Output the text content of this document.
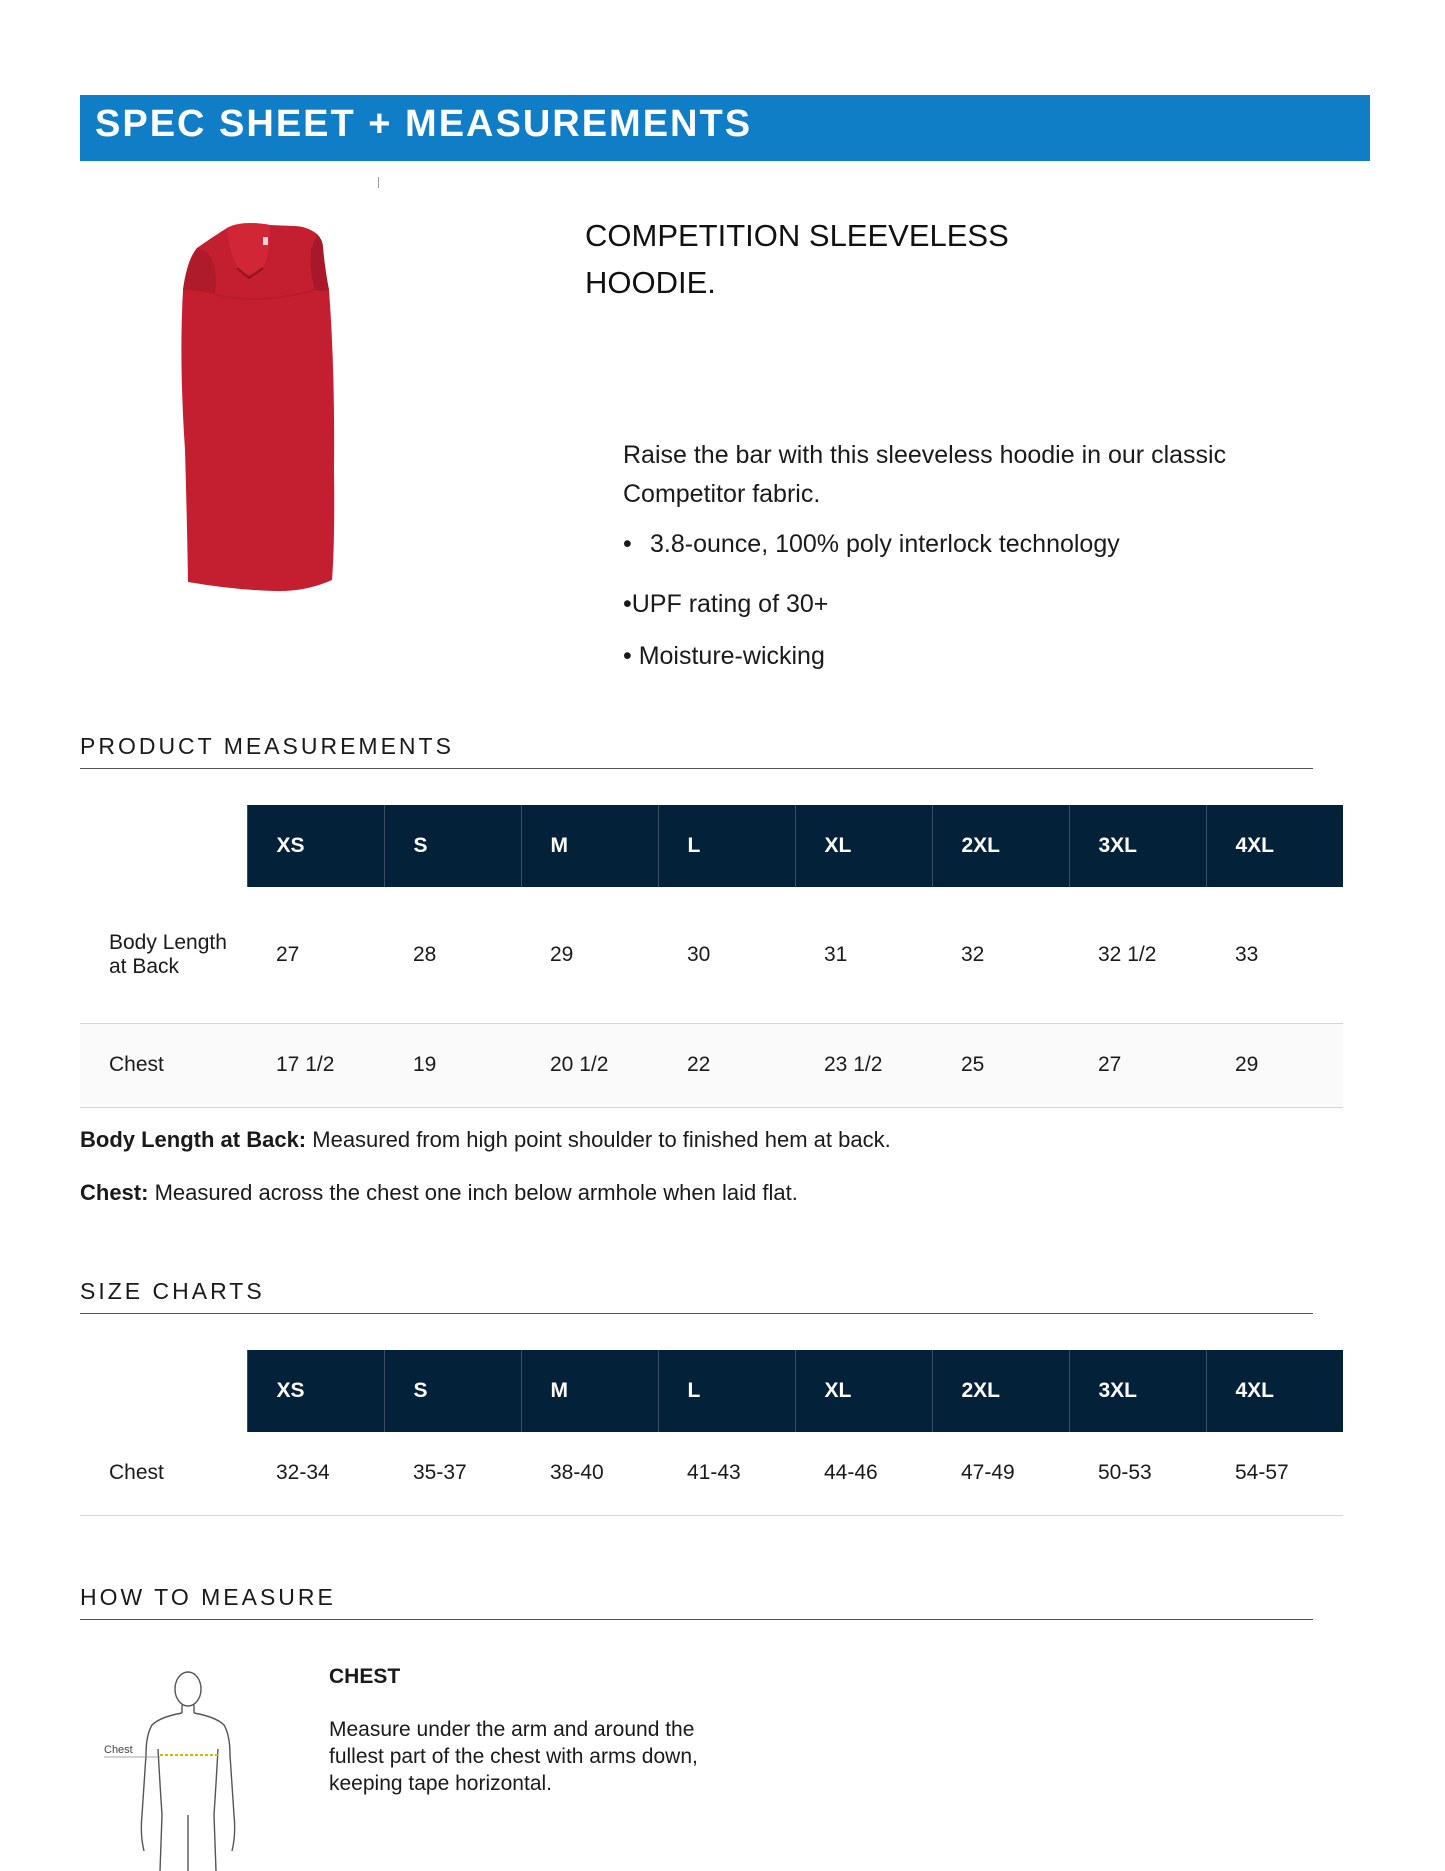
SPEC SHEET + MEASUREMENTS
COMPETITION SLEEVELESS
HOODIE.
Raise the bar with this sleeveless hoodie in our classic Competitor fabric.
• 3.8-ounce, 100% poly interlock technology
•UPF rating of 30+
• Moisture-wicking
PRODUCT MEASUREMENTS
	XS	S	M	L	XL	2XL	3XL	4XL
Body Length at Back	27	28	29	30	31	32	32 1/2	33
Chest	17 1/2	19	20 1/2	22	23 1/2	25	27	29
Body Length at Back: Measured from high point shoulder to finished hem at back.
Chest: Measured across the chest one inch below armhole when laid flat.
SIZE CHARTS
	XS	S	M	L	XL	2XL	3XL	4XL
Chest	32-34	35-37	38-40	41-43	44-46	47-49	50-53	54-57
HOW TO MEASURE
Chest
CHEST
Measure under the arm and around the fullest part of the chest with arms down, keeping tape horizontal.
